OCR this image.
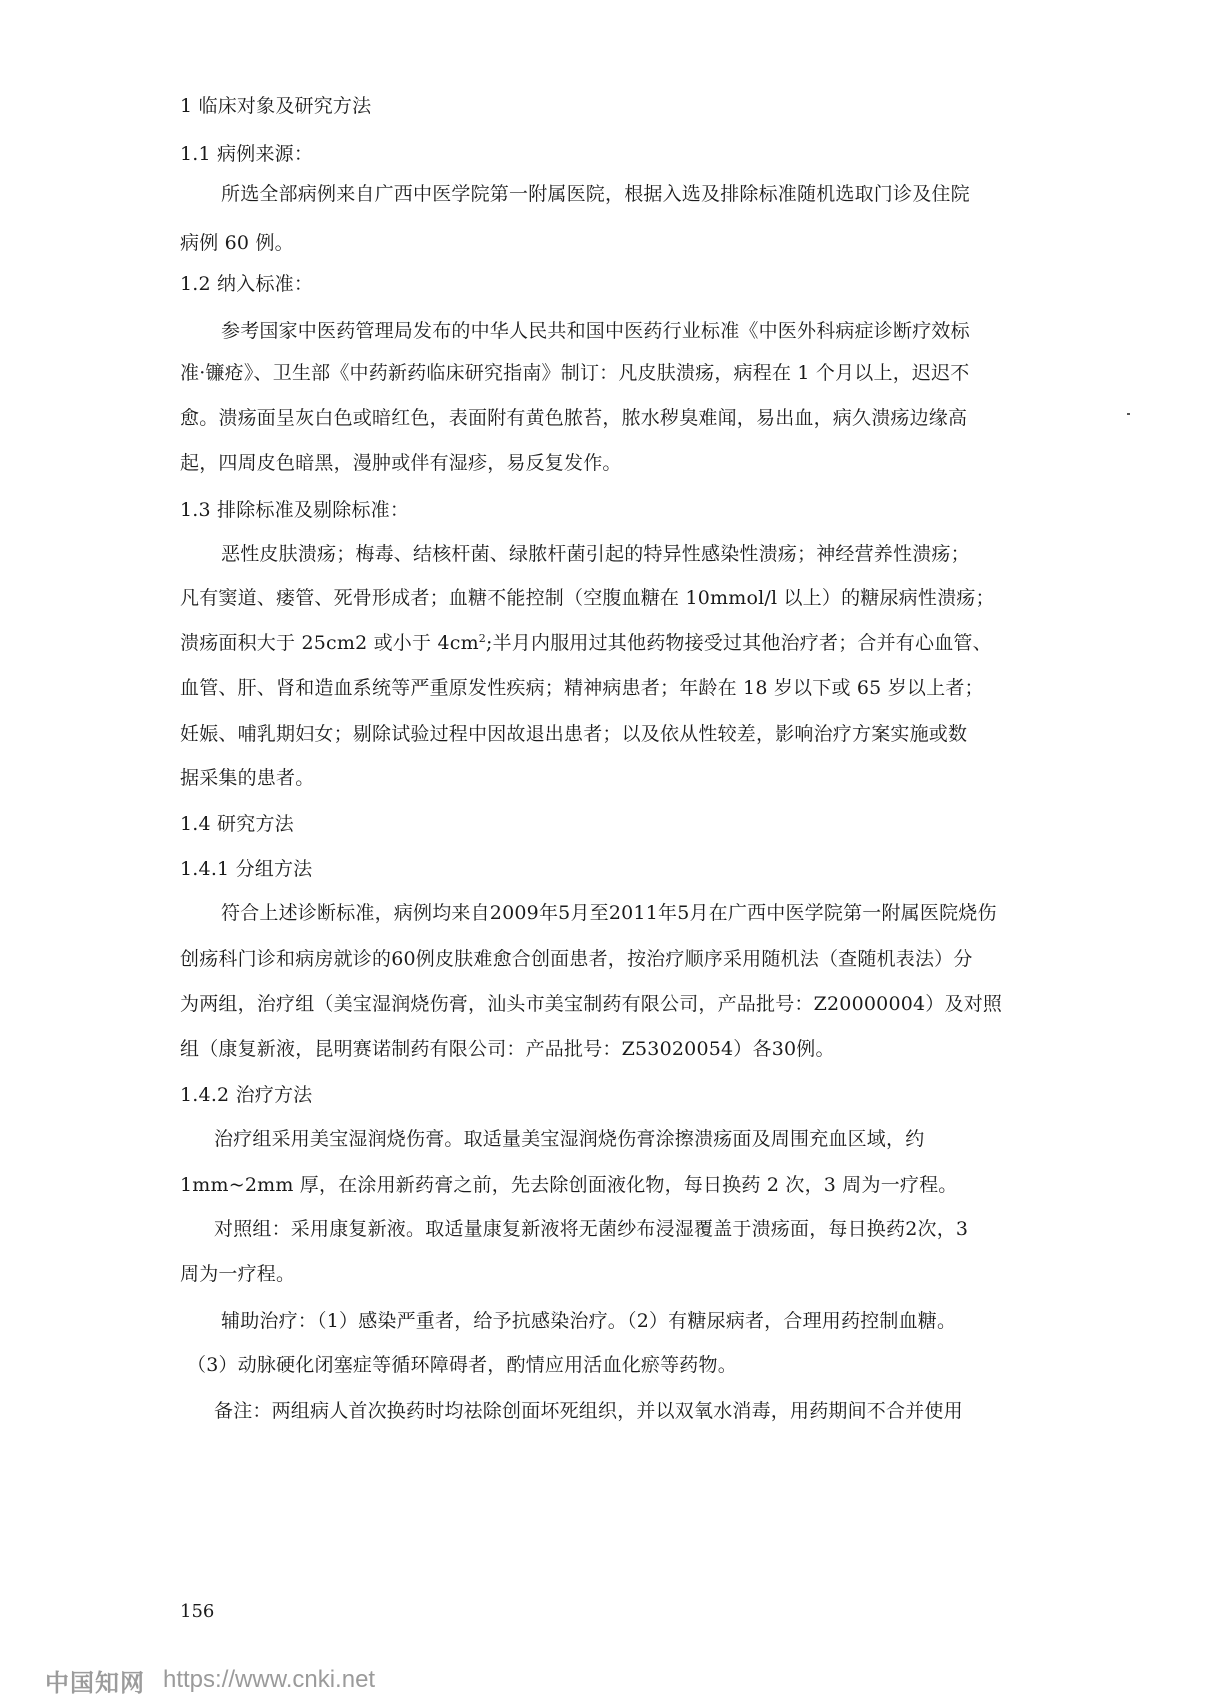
1 临床对象及研究方法
1.1 病例来源：
所选全部病例来自广西中医学院第一附属医院，根据入选及排除标准随机选取门诊及住院
病例 60 例。
1.2 纳入标准：
参考国家中医药管理局发布的中华人民共和国中医药行业标准《中医外科病症诊断疗效标
准·镰疮》、卫生部《中药新药临床研究指南》制订：凡皮肤溃疡，病程在 1 个月以上，迟迟不
愈。溃疡面呈灰白色或暗红色，表面附有黄色脓苔，脓水秽臭难闻，易出血，病久溃疡边缘高
起，四周皮色暗黑，漫肿或伴有湿疹，易反复发作。
1.3 排除标准及剔除标准：
恶性皮肤溃疡；梅毒、结核杆菌、绿脓杆菌引起的特异性感染性溃疡；神经营养性溃疡；
凡有窦道、瘘管、死骨形成者；血糖不能控制（空腹血糖在 10mmol/l 以上）的糖尿病性溃疡；
溃疡面积大于 25cm2 或小于 $4cm^2$;半月内服用过其他药物接受过其他治疗者；合并有心血管、
血管、肝、肾和造血系统等严重原发性疾病；精神病患者；年龄在 18 岁以下或 65 岁以上者；
妊娠、哺乳期妇女；剔除试验过程中因故退出患者；以及依从性较差，影响治疗方案实施或数
据采集的患者。
1.4 研究方法
1.4.1 分组方法
符合上述诊断标准，病例均来自2009年5月至2011年5月在广西中医学院第一附属医院烧伤
创疡科门诊和病房就诊的60例皮肤难愈合创面患者，按治疗顺序采用随机法（查随机表法）分
为两组，治疗组（美宝湿润烧伤膏，汕头市美宝制药有限公司，产品批号：Z20000004）及对照
组（康复新液，昆明赛诺制药有限公司：产品批号：Z53020054）各30例。
1.4.2 治疗方法
治疗组采用美宝湿润烧伤膏。取适量美宝湿润烧伤膏涂擦溃疡面及周围充血区域，约
1mm~2mm 厚，在涂用新药膏之前，先去除创面液化物，每日换药 2 次，3 周为一疗程。
对照组：采用康复新液。取适量康复新液将无菌纱布浸湿覆盖于溃疡面，每日换药2次，3
周为一疗程。
辅助治疗：（1）感染严重者，给予抗感染治疗。（2）有糖尿病者，合理用药控制血糖。
（3）动脉硬化闭塞症等循环障碍者，酌情应用活血化瘀等药物。
备注：两组病人首次换药时均祛除创面坏死组织，并以双氧水消毒，用药期间不合并使用
156
中国知网 https://www.cnki.net
